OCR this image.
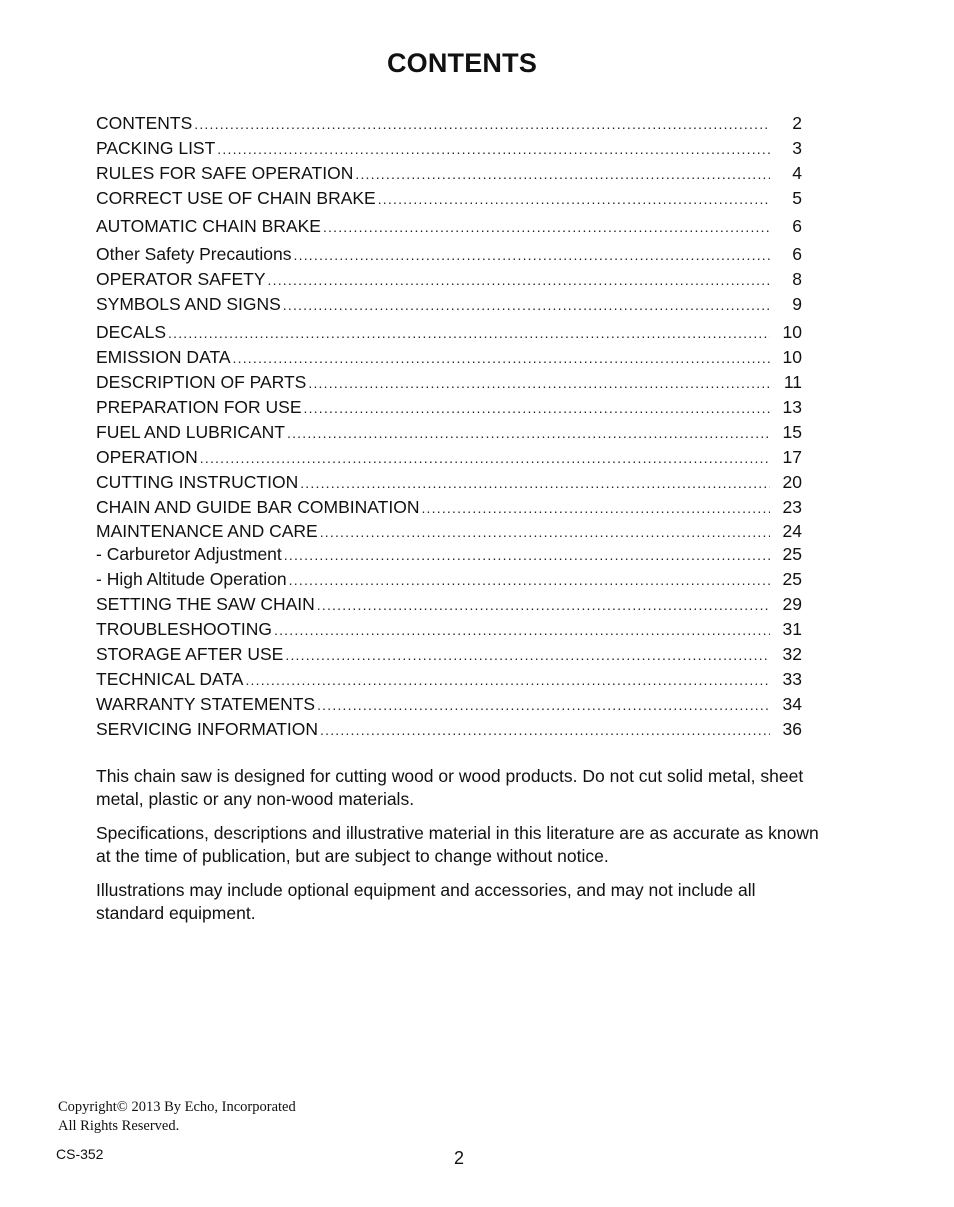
CONTENTS
CONTENTS .....	2
PACKING LIST .....	3
RULES FOR SAFE OPERATION .....	4
CORRECT USE OF CHAIN BRAKE .....	5
AUTOMATIC CHAIN BRAKE .....	6
Other Safety Precautions .....	6
OPERATOR SAFETY .....	8
SYMBOLS AND SIGNS .....	9
DECALS .....	10
EMISSION DATA .....	10
DESCRIPTION OF PARTS .....	11
PREPARATION FOR USE .....	13
FUEL AND LUBRICANT .....	15
OPERATION .....	17
CUTTING INSTRUCTION .....	20
CHAIN AND GUIDE BAR COMBINATION .....	23
MAINTENANCE AND CARE .....	24
- Carburetor Adjustment .....	25
- High Altitude Operation .....	25
SETTING THE SAW CHAIN .....	29
TROUBLESHOOTING .....	31
STORAGE AFTER USE .....	32
TECHNICAL DATA .....	33
WARRANTY STATEMENTS .....	34
SERVICING INFORMATION .....	36

This chain saw is designed for cutting wood or wood products. Do not cut solid metal, sheet metal, plastic or any non-wood materials.

Specifications, descriptions and illustrative material in this literature are as accurate as known at the time of publication, but are subject to change without notice.

Illustrations may include optional equipment and accessories, and may not include all standard equipment.

Copyright© 2013 By Echo, Incorporated
All Rights Reserved.
CS-352	2
